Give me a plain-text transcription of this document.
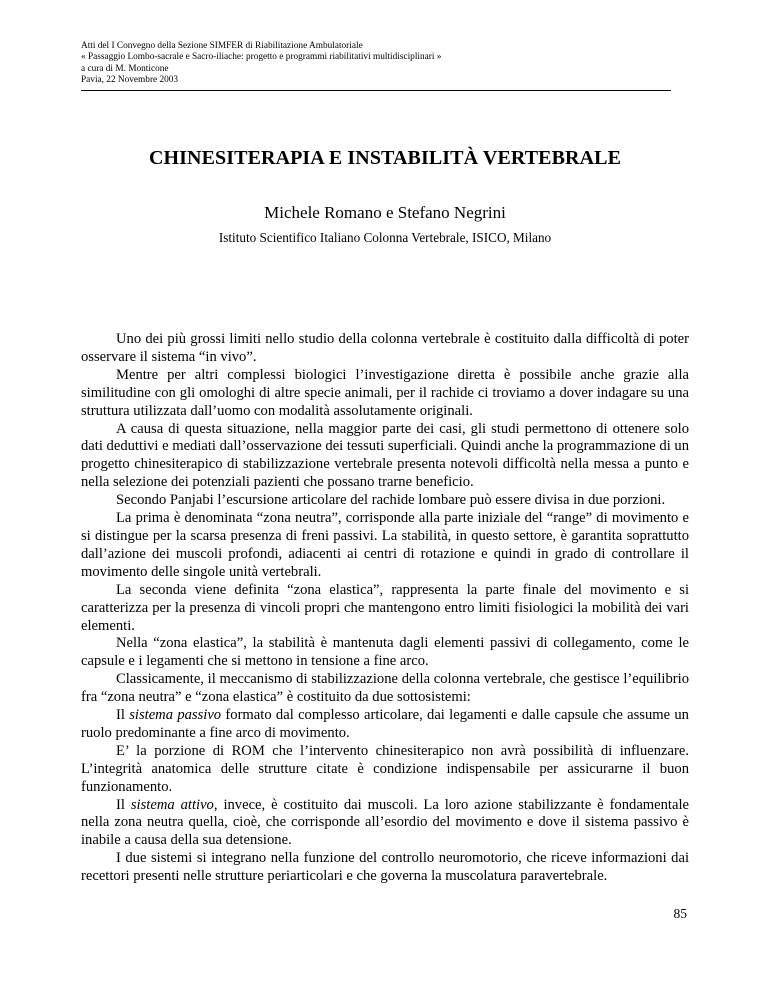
Atti del I Convegno della Sezione SIMFER di Riabilitazione Ambulatoriale
« Passaggio Lombo-sacrale e Sacro-iliache: progetto e programmi riabilitativi multidisciplinari »
a cura di M. Monticone
Pavia, 22 Novembre 2003
CHINESITERAPIA E INSTABILITÀ VERTEBRALE
Michele Romano e Stefano Negrini
Istituto Scientifico Italiano Colonna Vertebrale, ISICO, Milano

Uno dei più grossi limiti nello studio della colonna vertebrale è costituito dalla difficoltà di poter osservare il sistema “in vivo”.

Mentre per altri complessi biologici l’investigazione diretta è possibile anche grazie alla similitudine con gli omologhi di altre specie animali, per il rachide ci troviamo a dover indagare su una struttura utilizzata dall’uomo con modalità assolutamente originali.

A causa di questa situazione, nella maggior parte dei casi, gli studi permettono di ottenere solo dati deduttivi e mediati dall’osservazione dei tessuti superficiali. Quindi anche la programmazione di un progetto chinesiterapico di stabilizzazione vertebrale presenta notevoli difficoltà nella messa a punto e nella selezione dei potenziali pazienti che possano trarne beneficio.

Secondo Panjabi l’escursione articolare del rachide lombare può essere divisa in due porzioni.

La prima è denominata “zona neutra”, corrisponde alla parte iniziale del “range” di movimento e si distingue per la scarsa presenza di freni passivi. La stabilità, in questo settore, è garantita soprattutto dall’azione dei muscoli profondi, adiacenti ai centri di rotazione e quindi in grado di controllare il movimento delle singole unità vertebrali.

La seconda viene definita “zona elastica”, rappresenta la parte finale del movimento e si caratterizza per la presenza di vincoli propri che mantengono entro limiti fisiologici la mobilità dei vari elementi.

Nella “zona elastica”, la stabilità è mantenuta dagli elementi passivi di collegamento, come le capsule e i legamenti che si mettono in tensione a fine arco.

Classicamente, il meccanismo di stabilizzazione della colonna vertebrale, che gestisce l’equilibrio fra “zona neutra” e “zona elastica” è costituito da due sottosistemi:

Il sistema passivo formato dal complesso articolare, dai legamenti e dalle capsule che assume un ruolo predominante a fine arco di movimento.

E’ la porzione di ROM che l’intervento chinesiterapico non avrà possibilità di influenzare. L’integrità anatomica delle strutture citate è condizione indispensabile per assicurarne il buon funzionamento.

Il sistema attivo, invece, è costituito dai muscoli. La loro azione stabilizzante è fondamentale nella zona neutra quella, cioè, che corrisponde all’esordio del movimento e dove il sistema passivo è inabile a causa della sua detensione.

I due sistemi si integrano nella funzione del controllo neuromotorio, che riceve informazioni dai recettori presenti nelle strutture periarticolari e che governa la muscolatura paravertebrale.

85
